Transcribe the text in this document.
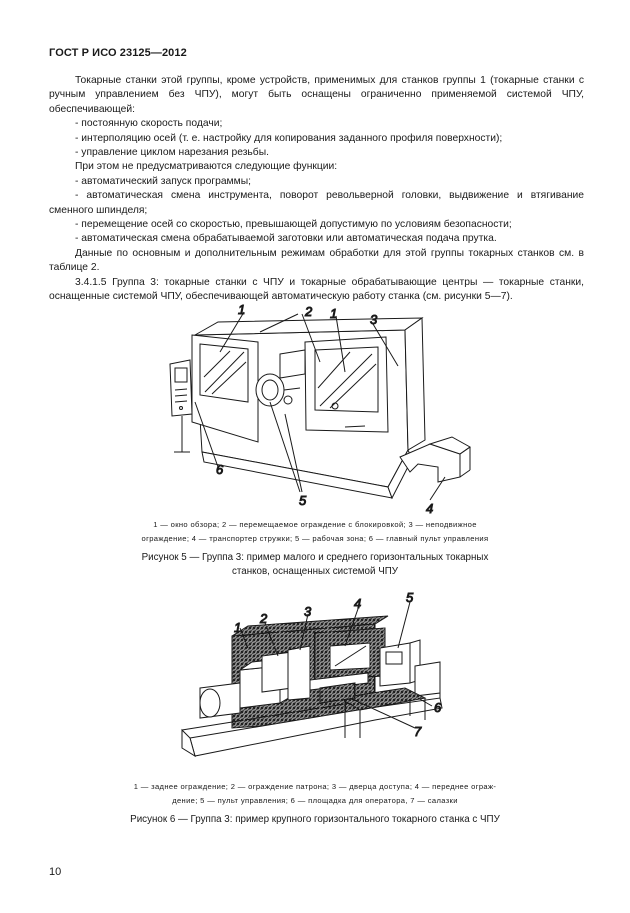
ГОСТ Р ИСО 23125—2012

Токарные станки этой группы, кроме устройств, применимых для станков группы 1 (токарные станки с ручным управлением без ЧПУ), могут быть оснащены ограниченно применяемой системой ЧПУ, обеспечивающей:

- постоянную скорость подачи;

- интерполяцию осей (т. е. настройку для копирования заданного профиля поверхности);

- управление циклом нарезания резьбы.

При этом не предусматриваются следующие функции:

- автоматический запуск программы;

- автоматическая смена инструмента, поворот револьверной головки, выдвижение и втягивание сменного шпинделя;

- перемещение осей со скоростью, превышающей допустимую по условиям безопасности;

- автоматическая смена обрабатываемой заготовки или автоматическая подача прутка.

Данные по основным и дополнительным режимам обработки для этой группы токарных станков см. в таблице 2.

3.4.1.5 Группа 3: токарные станки с ЧПУ и токарные обрабатывающие центры — токарные станки, оснащенные системой ЧПУ, обеспечивающей автоматическую работу станка (см. рисунки 5—7).

1	2 1	3
6
5
4
1 — окно обзора; 2 — перемещаемое ограждение с блокировкой; 3 — неподвижное
ограждение; 4 — транспортер стружки; 5 — рабочая зона; 6 — главный пульт управления
Рисунок 5 — Группа 3: пример малого и среднего горизонтальных токарных
станков, оснащенных системой ЧПУ
1
2	3
4	5
6
7
1 — заднее ограждение; 2 — ограждение патрона; 3 — дверца доступа; 4 — переднее ограж-
дение; 5 — пульт управления; 6 — площадка для оператора, 7 — салазки
Рисунок 6 — Группа 3: пример крупного горизонтального токарного станка с ЧПУ
10
